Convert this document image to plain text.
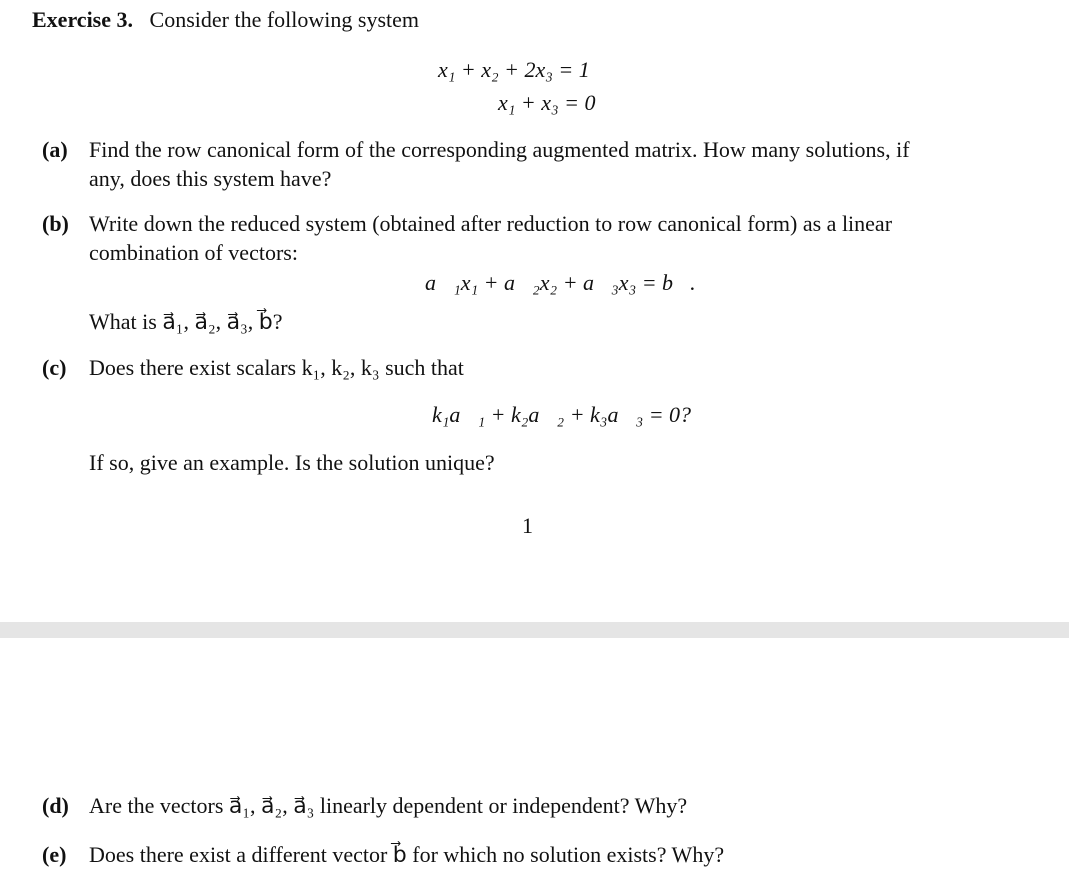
Exercise 3. Consider the following system
x₁ + x₂ + 2x₃ = 1
x₁ + x₃ = 0
(a) Find the row canonical form of the corresponding augmented matrix. How many solutions, if
any, does this system have?
(b) Write down the reduced system (obtained after reduction to row canonical form) as a linear
combination of vectors:
a⃗₁x₁ + a⃗₂x₂ + a⃗₃x₃ = b⃗.
What is a⃗₁, a⃗₂, a⃗₃, b⃗?
(c) Does there exist scalars k₁, k₂, k₃ such that
k₁a⃗₁ + k₂a⃗₂ + k₃a⃗₃ = 0?
If so, give an example. Is the solution unique?
1
(d) Are the vectors a⃗₁, a⃗₂, a⃗₃ linearly dependent or independent? Why?
(e) Does there exist a different vector b⃗ for which no solution exists? Why?
